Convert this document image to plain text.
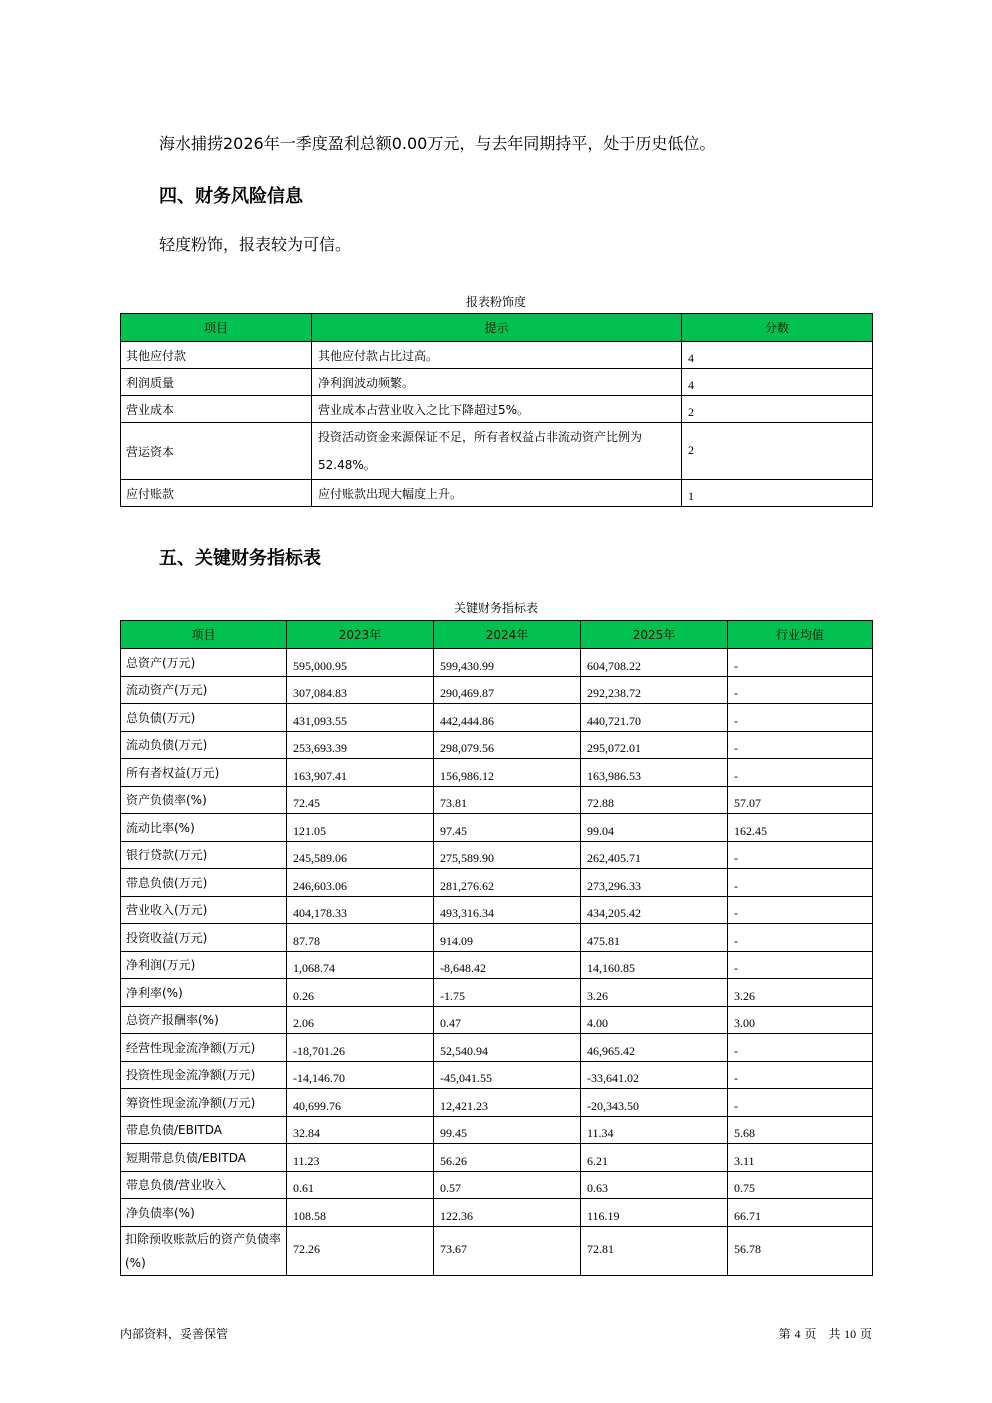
海水捕捞2026年一季度盈利总额0.00万元，与去年同期持平，处于历史低位。

四、财务风险信息

轻度粉饰，报表较为可信。

报表粉饰度
项目	提示	分数
其他应付款	其他应付款占比过高。	4
利润质量	净利润波动频繁。	4
营业成本	营业成本占营业收入之比下降超过5%。	2
营运资本	投资活动资金来源保证不足，所有者权益占非流动资产比例为52.48%。	2
应付账款	应付账款出现大幅度上升。	1
五、关键财务指标表
关键财务指标表
项目	2023年	2024年	2025年	行业均值
总资产(万元)	595,000.95	599,430.99	604,708.22	-
流动资产(万元)	307,084.83	290,469.87	292,238.72	-
总负债(万元)	431,093.55	442,444.86	440,721.70	-
流动负债(万元)	253,693.39	298,079.56	295,072.01	-
所有者权益(万元)	163,907.41	156,986.12	163,986.53	-
资产负债率(%)	72.45	73.81	72.88	57.07
流动比率(%)	121.05	97.45	99.04	162.45
银行贷款(万元)	245,589.06	275,589.90	262,405.71	-
带息负债(万元)	246,603.06	281,276.62	273,296.33	-
营业收入(万元)	404,178.33	493,316.34	434,205.42	-
投资收益(万元)	87.78	914.09	475.81	-
净利润(万元)	1,068.74	-8,648.42	14,160.85	-
净利率(%)	0.26	-1.75	3.26	3.26
总资产报酬率(%)	2.06	0.47	4.00	3.00
经营性现金流净额(万元)	-18,701.26	52,540.94	46,965.42	-
投资性现金流净额(万元)	-14,146.70	-45,041.55	-33,641.02	-
筹资性现金流净额(万元)	40,699.76	12,421.23	-20,343.50	-
带息负债/EBITDA	32.84	99.45	11.34	5.68
短期带息负债/EBITDA	11.23	56.26	6.21	3.11
带息负债/营业收入	0.61	0.57	0.63	0.75
净负债率(%)	108.58	122.36	116.19	66.71
扣除预收账款后的资产负债率(%)	72.26	73.67	72.81	56.78
内部资料，妥善保管	第 4 页　共 10 页
